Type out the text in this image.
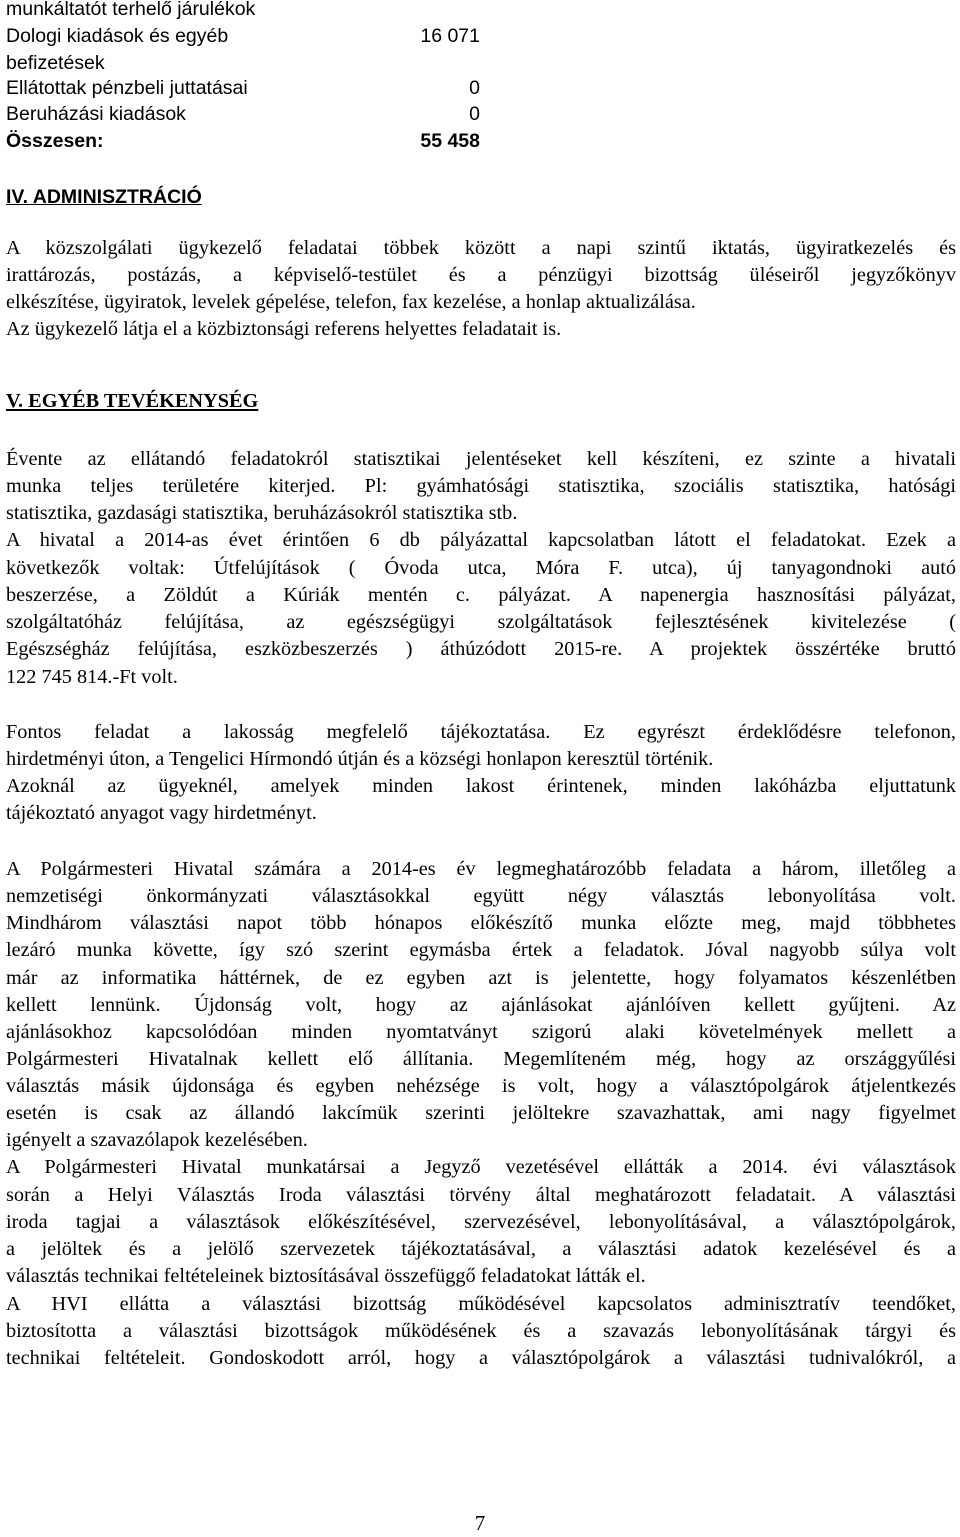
munkáltatót terhelő járulékok
Dologi kiadások és egyéb	16 071
befizetések
Ellátottak pénzbeli juttatásai	0
Beruházási kiadások	0
Összesen:	55 458
IV. ADMINISZTRÁCIÓ
A közszolgálati ügykezelő feladatai többek között a napi szintű iktatás, ügyiratkezelés és
irattározás, postázás, a képviselő-testület és a pénzügyi bizottság üléseiről jegyzőkönyv
elkészítése, ügyiratok, levelek gépelése, telefon, fax kezelése, a honlap aktualizálása.
Az ügykezelő látja el a közbiztonsági referens helyettes feladatait is.
V. EGYÉB TEVÉKENYSÉG
Évente az ellátandó feladatokról statisztikai jelentéseket kell készíteni, ez szinte a hivatali
munka teljes területére kiterjed. Pl: gyámhatósági statisztika, szociális statisztika, hatósági
statisztika, gazdasági statisztika, beruházásokról statisztika stb.
A hivatal a 2014-as évet érintően 6 db pályázattal kapcsolatban látott el feladatokat. Ezek a
következők voltak: Útfelújítások ( Óvoda utca, Móra F. utca), új tanyagondnoki autó
beszerzése, a Zöldút a Kúriák mentén c. pályázat. A napenergia hasznosítási pályázat,
szolgáltatóház felújítása, az egészségügyi szolgáltatások fejlesztésének kivitelezése (
Egészségház felújítása, eszközbeszerzés ) áthúzódott 2015-re. A projektek összértéke bruttó
122 745 814.-Ft volt.
Fontos feladat a lakosság megfelelő tájékoztatása. Ez egyrészt érdeklődésre telefonon,
hirdetményi úton, a Tengelici Hírmondó útján és a községi honlapon keresztül történik.
Azoknál az ügyeknél, amelyek minden lakost érintenek, minden lakóházba eljuttatunk
tájékoztató anyagot vagy hirdetményt.
A Polgármesteri Hivatal számára a 2014-es év legmeghatározóbb feladata a három, illetőleg a
nemzetiségi önkormányzati választásokkal együtt négy választás lebonyolítása volt.
Mindhárom választási napot több hónapos előkészítő munka előzte meg, majd többhetes
lezáró munka követte, így szó szerint egymásba értek a feladatok. Jóval nagyobb súlya volt
már az informatika háttérnek, de ez egyben azt is jelentette, hogy folyamatos készenlétben
kellett lennünk. Újdonság volt, hogy az ajánlásokat ajánlóíven kellett gyűjteni. Az
ajánlásokhoz kapcsolódóan minden nyomtatványt szigorú alaki követelmények mellett a
Polgármesteri Hivatalnak kellett elő állítania. Megemlíteném még, hogy az országgyűlési
választás másik újdonsága és egyben nehézsége is volt, hogy a választópolgárok átjelentkezés
esetén is csak az állandó lakcímük szerinti jelöltekre szavazhattak, ami nagy figyelmet
igényelt a szavazólapok kezelésében.
A Polgármesteri Hivatal munkatársai a Jegyző vezetésével ellátták a 2014. évi választások
során a Helyi Választás Iroda választási törvény által meghatározott feladatait. A választási
iroda tagjai a választások előkészítésével, szervezésével, lebonyolításával, a választópolgárok,
a jelöltek és a jelölő szervezetek tájékoztatásával, a választási adatok kezelésével és a
választás technikai feltételeinek biztosításával összefüggő feladatokat látták el.
A HVI ellátta a választási bizottság működésével kapcsolatos adminisztratív teendőket,
biztosította a választási bizottságok működésének és a szavazás lebonyolításának tárgyi és
technikai feltételeit. Gondoskodott arról, hogy a választópolgárok a választási tudnivalókról, a
7
